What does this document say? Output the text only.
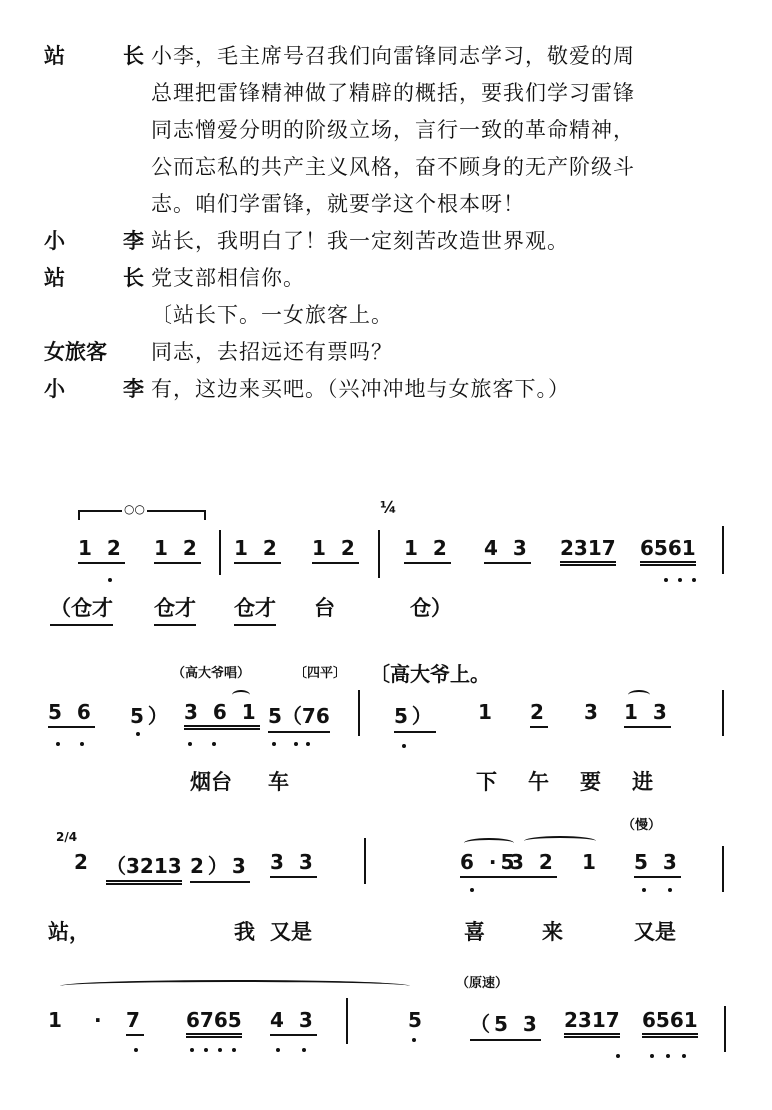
站	长 小李，毛主席号召我们向雷锋同志学习，敬爱的周
总理把雷锋精神做了精辟的概括，要我们学习雷锋
同志憎爱分明的阶级立场，言行一致的革命精神，
公而忘私的共产主义风格，奋不顾身的无产阶级斗
志。咱们学雷锋，就要学这个根本呀！
小	李 站长，我明白了！我一定刻苦改造世界观。
站	长 党支部相信你。
〔站长下。一女旅客上。
女旅客 同志，去招远还有票吗？
小	李 有，这边来买吧。（兴冲冲地与女旅客下。）
○○	¼
1 2 1 2 1 2 1 2 1 2 4 3 2317 6561
（仓才 仓才 仓才 台	仓）
（高大爷唱）	〔四平〕 〔高大爷上。
5 6 5） 3 6 1 5（76	5） 1 2 3 1 3
烟台 车	下 午 要 进
2/4
（慢）
2 （3213 2）3 3 3	6 ·5
3 2 1 5 3
站，	我 又是	喜	来	又是
（原速）
1 · 7 6765 4 3	5 （5 3 2317 6561
